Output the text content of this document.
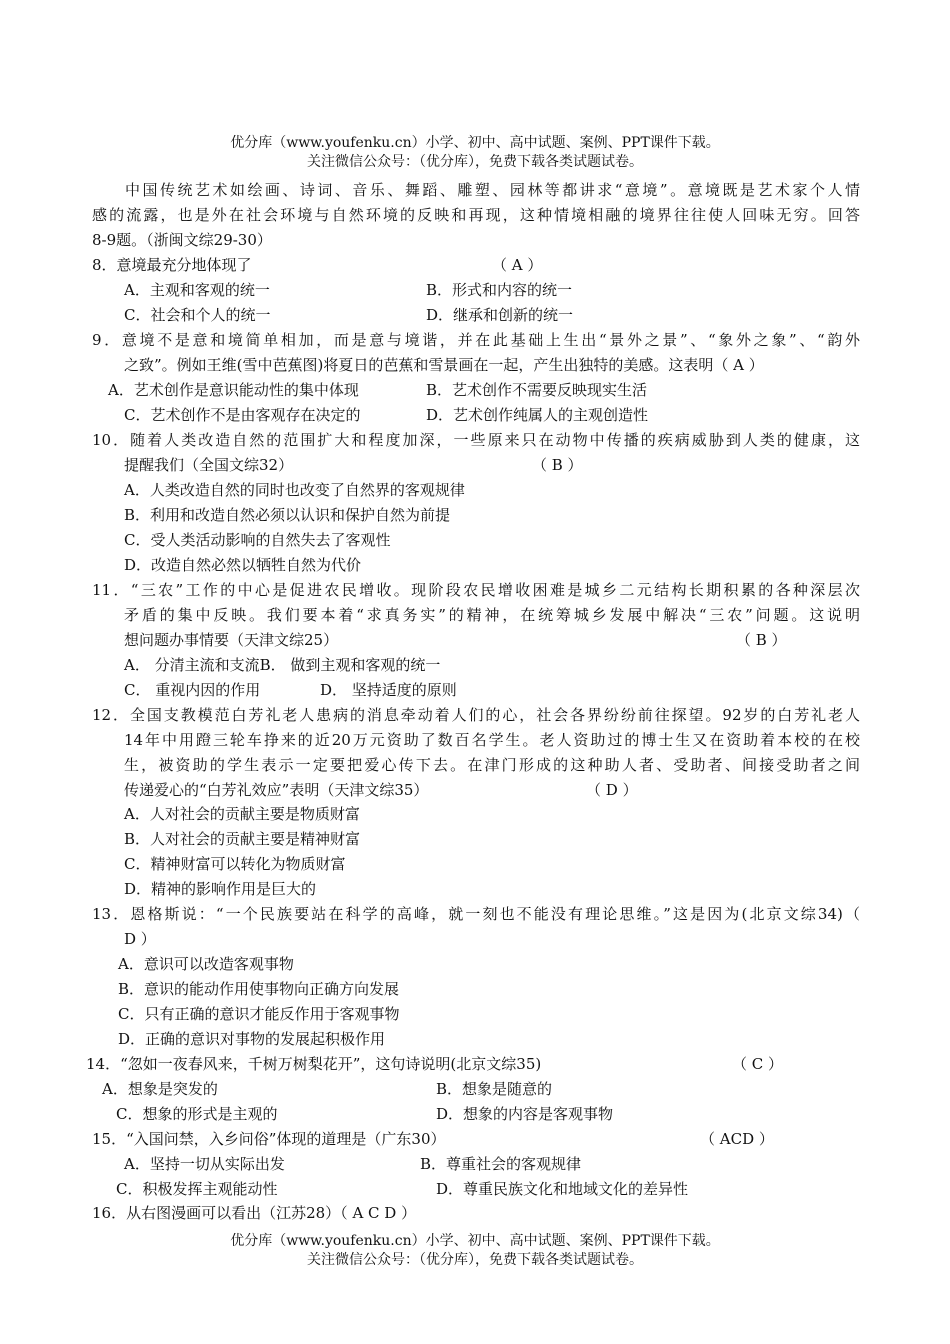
优分库（www.youfenku.cn）小学、初中、高中试题、案例、PPT课件下载。
关注微信公众号：（优分库），免费下载各类试题试卷。
中国传统艺术如绘画、诗词、音乐、舞蹈、雕塑、园林等都讲求“意境”。意境既是艺术家个人情
感的流露，也是外在社会环境与自然环境的反映和再现，这种情境相融的境界往往使人回味无穷。回答
8-9题。（浙闽文综29-30）
8．意境最充分地体现了	（ A ）
A．主观和客观的统一	B．形式和内容的统一
C．社会和个人的统一	D．继承和创新的统一
9．意境不是意和境简单相加，而是意与境谐，并在此基础上生出“景外之景”、“象外之象”、“韵外
之致”。例如王维(雪中芭蕉图)将夏日的芭蕉和雪景画在一起，产生出独特的美感。这表明（ A ）
A．艺术创作是意识能动性的集中体现	B．艺术创作不需要反映现实生活
C．艺术创作不是由客观存在决定的	D．艺术创作纯属人的主观创造性
10．随着人类改造自然的范围扩大和程度加深，一些原来只在动物中传播的疾病威胁到人类的健康，这
提醒我们（全国文综32）	（ B ）
A．人类改造自然的同时也改变了自然界的客观规律
B．利用和改造自然必须以认识和保护自然为前提
C．受人类活动影响的自然失去了客观性
D．改造自然必然以牺牲自然为代价
11．“三农”工作的中心是促进农民增收。现阶段农民增收困难是城乡二元结构长期积累的各种深层次
矛盾的集中反映。我们要本着“求真务实”的精神，在统筹城乡发展中解决“三农”问题。这说明
想问题办事情要（天津文综25）	（ B ）
A． 分清主流和支流B． 做到主观和客观的统一
C． 重视内因的作用	D． 坚持适度的原则
12．全国支教模范白芳礼老人患病的消息牵动着人们的心，社会各界纷纷前往探望。92岁的白芳礼老人
14年中用蹬三轮车挣来的近20万元资助了数百名学生。老人资助过的博士生又在资助着本校的在校
生，被资助的学生表示一定要把爱心传下去。在津门形成的这种助人者、受助者、间接受助者之间
传递爱心的“白芳礼效应”表明（天津文综35）	（ D ）
A．人对社会的贡献主要是物质财富
B．人对社会的贡献主要是精神财富
C．精神财富可以转化为物质财富
D．精神的影响作用是巨大的
13．恩格斯说：“一个民族要站在科学的高峰，就一刻也不能没有理论思维。”这是因为(北京文综34)（
D ）
A．意识可以改造客观事物
B．意识的能动作用使事物向正确方向发展
C．只有正确的意识才能反作用于客观事物
D．正确的意识对事物的发展起积极作用
14．“忽如一夜春风来，千树万树梨花开”，这句诗说明(北京文综35)	（ C ）
A．想象是突发的	B．想象是随意的
C．想象的形式是主观的	D．想象的内容是客观事物
15．“入国问禁，入乡问俗”体现的道理是（广东30）	（ ACD ）
A．坚持一切从实际出发	B．尊重社会的客观规律
C．积极发挥主观能动性	D．尊重民族文化和地域文化的差异性
16．从右图漫画可以看出（江苏28）（ A C D ）
优分库（www.youfenku.cn）小学、初中、高中试题、案例、PPT课件下载。
关注微信公众号：（优分库），免费下载各类试题试卷。
